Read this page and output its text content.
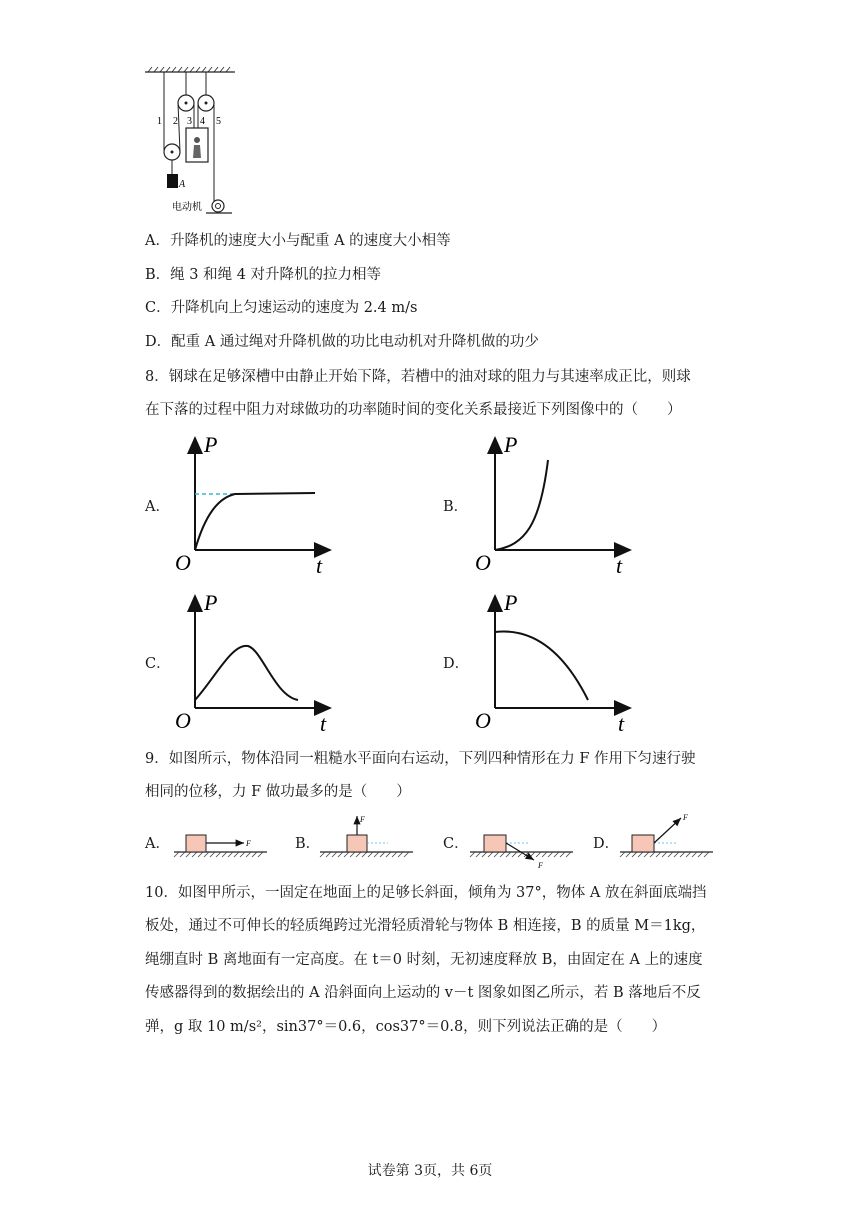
1 2 3 4 5
A
电动机
A．升降机的速度大小与配重 A 的速度大小相等
B．绳 3 和绳 4 对升降机的拉力相等
C．升降机向上匀速运动的速度为 2.4 m/s
D．配重 A 通过绳对升降机做的功比电动机对升降机做的功少
8．钢球在足够深槽中由静止开始下降，若槽中的油对球的阻力与其速率成正比，则球
在下落的过程中阻力对球做功的功率随时间的变化关系最接近下列图像中的（　　）
A．	B．
C．	D．
P
O	t
P
O	t
P
O	t
P
O	t
9．如图所示，物体沿同一粗糙水平面向右运动，下列四种情形在力 F 作用下匀速行驶
相同的位移，力 F 做功最多的是（　　）
A．	B．	C．	D．
F
F
F
F
10．如图甲所示，一固定在地面上的足够长斜面，倾角为 37°，物体 A 放在斜面底端挡
板处，通过不可伸长的轻质绳跨过光滑轻质滑轮与物体 B 相连接，B 的质量 M＝1kg，
绳绷直时 B 离地面有一定高度。在 t＝0 时刻，无初速度释放 B，由固定在 A 上的速度
传感器得到的数据绘出的 A 沿斜面向上运动的 v－t 图象如图乙所示，若 B 落地后不反
弹，g 取 10 m/s²，sin37°＝0.6，cos37°＝0.8，则下列说法正确的是（　　）
试卷第 3页，共 6页
